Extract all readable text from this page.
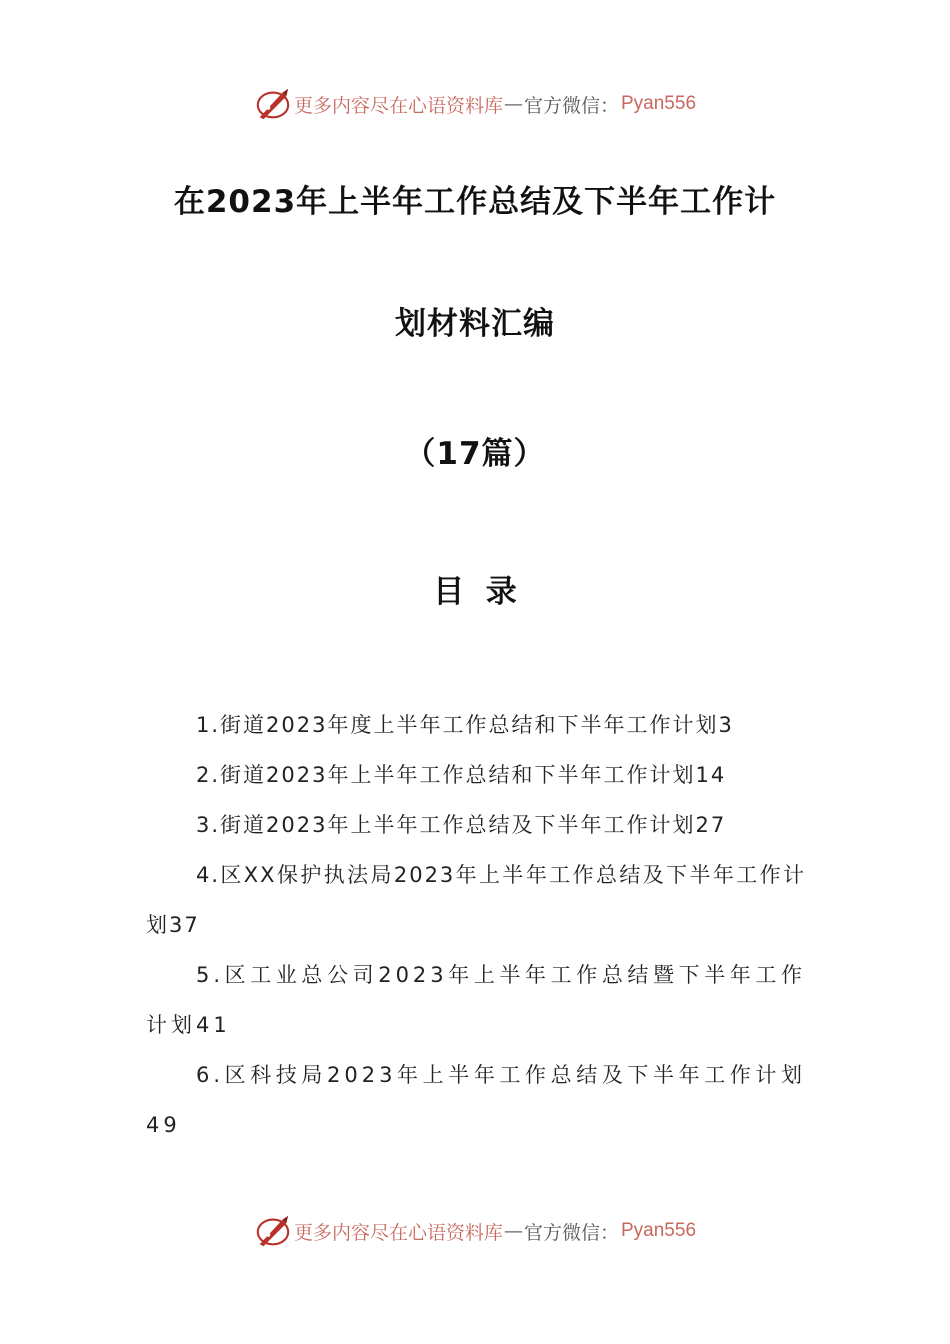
更多内容尽在心语资料库 — 官方微信： Pyan556
在2023年上半年工作总结及下半年工作计
划材料汇编
（17篇）
目  录
1.街道2023年度上半年工作总结和下半年工作计划3
2.街道2023年上半年工作总结和下半年工作计划14
3.街道2023年上半年工作总结及下半年工作计划27
4.区XX保护执法局2023年上半年工作总结及下半年工作计划37
5.区工业总公司2023年上半年工作总结暨下半年工作计划41
6.区科技局2023年上半年工作总结及下半年工作计划49
更多内容尽在心语资料库 — 官方微信： Pyan556
